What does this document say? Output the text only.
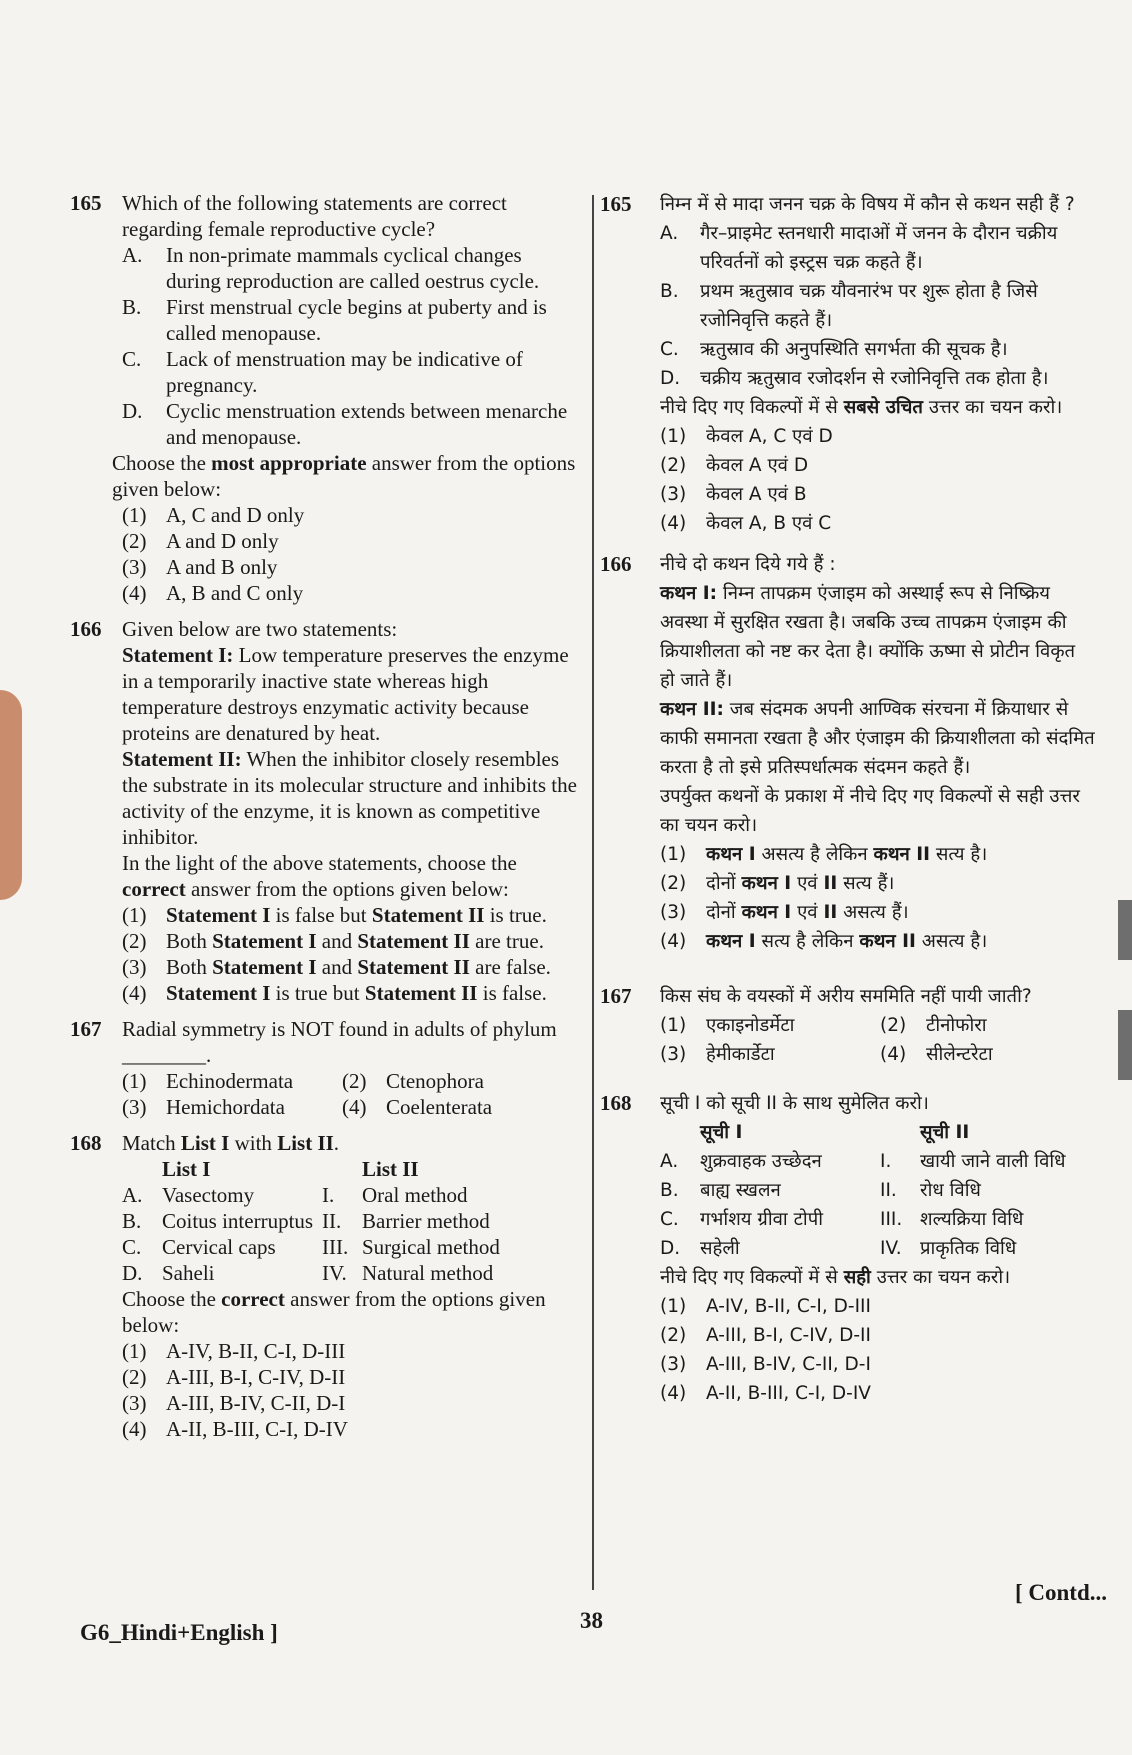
165 Which of the following statements are correct regarding female reproductive cycle?
A. In non-primate mammals cyclical changes during reproduction are called oestrus cycle.
B. First menstrual cycle begins at puberty and is called menopause.
C. Lack of menstruation may be indicative of pregnancy.
D. Cyclic menstruation extends between menarche and menopause.
Choose the most appropriate answer from the options given below:
(1) A, C and D only
(2) A and D only
(3) A and B only
(4) A, B and C only
166 Given below are two statements:
Statement I: Low temperature preserves the enzyme in a temporarily inactive state whereas high temperature destroys enzymatic activity because proteins are denatured by heat.
Statement II: When the inhibitor closely resembles the substrate in its molecular structure and inhibits the activity of the enzyme, it is known as competitive inhibitor.
In the light of the above statements, choose the correct answer from the options given below:
(1) Statement I is false but Statement II is true.
(2) Both Statement I and Statement II are true.
(3) Both Statement I and Statement II are false.
(4) Statement I is true but Statement II is false.
167 Radial symmetry is NOT found in adults of phylum ________.
(1) Echinodermata	(2) Ctenophora
(3) Hemichordata	(4) Coelenterata
168 Match List I with List II.
List I	List II
A. Vasectomy	I. Oral method
B. Coitus interruptus II. Barrier method
C. Cervical caps	III. Surgical method
D. Saheli	IV. Natural method
Choose the correct answer from the options given below:
(1) A-IV, B-II, C-I, D-III
(2) A-III, B-I, C-IV, D-II
(3) A-III, B-IV, C-II, D-I
(4) A-II, B-III, C-I, D-IV
165	निम्न में से मादा जनन चक्र के विषय में कौन से कथन सही हैं ?
A. गैर–प्राइमेट स्तनधारी मादाओं में जनन के दौरान चक्रीय परिवर्तनों को इस्ट्रस चक्र कहते हैं।
B. प्रथम ऋतुस्राव चक्र यौवनारंभ पर शुरू होता है जिसे रजोनिवृत्ति कहते हैं।
C. ऋतुस्राव की अनुपस्थिति सगर्भता की सूचक है।
D. चक्रीय ऋतुस्राव रजोदर्शन से रजोनिवृत्ति तक होता है।
नीचे दिए गए विकल्पों में से सबसे उचित उत्तर का चयन करो।
(1) केवल A, C एवं D
(2) केवल A एवं D
(3) केवल A एवं B
(4) केवल A, B एवं C
166	नीचे दो कथन दिये गये हैं :
कथन I: निम्न तापक्रम एंजाइम को अस्थाई रूप से निष्क्रिय अवस्था में सुरक्षित रखता है। जबकि उच्च तापक्रम एंजाइम की क्रियाशीलता को नष्ट कर देता है। क्योंकि ऊष्मा से प्रोटीन विकृत हो जाते हैं।
कथन II: जब संदमक अपनी आण्विक संरचना में क्रियाधार से काफी समानता रखता है और एंजाइम की क्रियाशीलता को संदमित करता है तो इसे प्रतिस्पर्धात्मक संदमन कहते हैं।
उपर्युक्त कथनों के प्रकाश में नीचे दिए गए विकल्पों से सही उत्तर का चयन करो।
(1) कथन I असत्य है लेकिन कथन II सत्य है।
(2) दोनों कथन I एवं II सत्य हैं।
(3) दोनों कथन I एवं II असत्य हैं।
(4) कथन I सत्य है लेकिन कथन II असत्य है।
167	किस संघ के वयस्कों में अरीय सममिति नहीं पायी जाती?
(1) एकाइनोडर्मेटा	(2) टीनोफोरा
(3) हेमीकार्डेटा	(4) सीलेन्टरेटा
168	सूची I को सूची II के साथ सुमेलित करो।
सूची I	सूची II
A. शुक्रवाहक उच्छेदन	I. खायी जाने वाली विधि
B. बाह्य स्खलन	II. रोध विधि
C. गर्भाशय ग्रीवा टोपी	III. शल्यक्रिया विधि
D. सहेली	IV. प्राकृतिक विधि
नीचे दिए गए विकल्पों में से सही उत्तर का चयन करो।
(1) A-IV, B-II, C-I, D-III
(2) A-III, B-I, C-IV, D-II
(3) A-III, B-IV, C-II, D-I
(4) A-II, B-III, C-I, D-IV
G6_Hindi+English ]	38
[ Contd...
